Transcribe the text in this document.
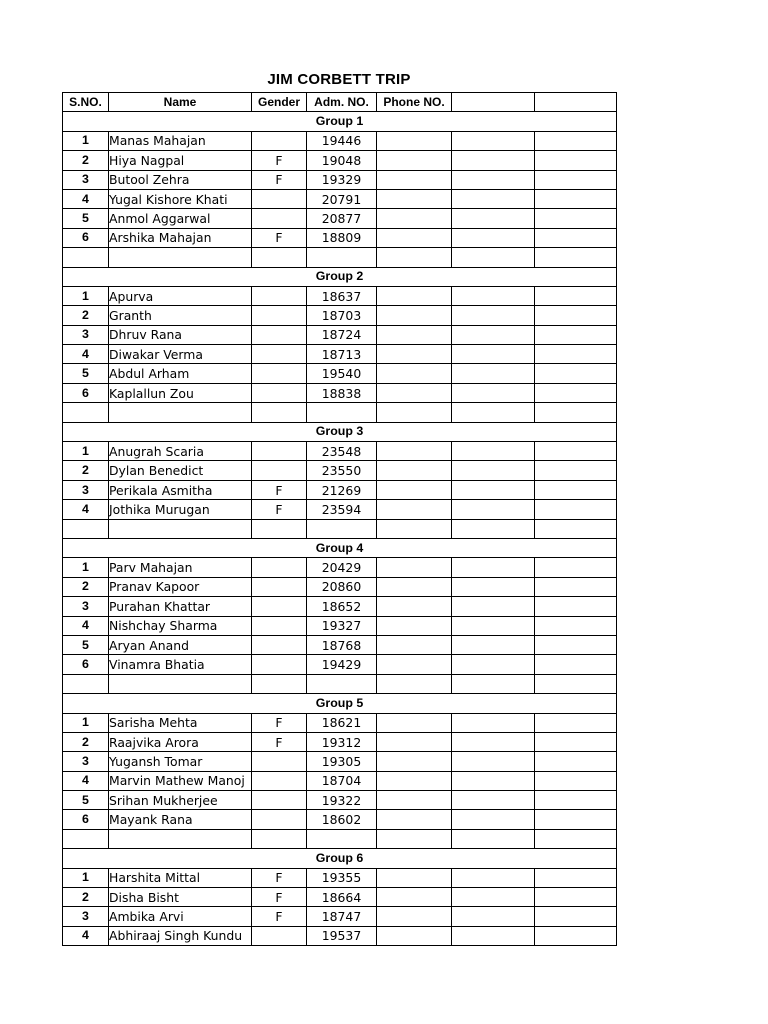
JIM CORBETT TRIP
S.NO.	Name	Gender	Adm. NO.	Phone NO.		
Group 1						
1	Manas Mahajan		19446			
2	Hiya Nagpal	F	19048			
3	Butool Zehra	F	19329			
4	Yugal Kishore Khati		20791			
5	Anmol Aggarwal		20877			
6	Arshika Mahajan	F	18809			

Group 2						
1	Apurva		18637			
2	Granth		18703			
3	Dhruv Rana		18724			
4	Diwakar Verma		18713			
5	Abdul Arham		19540			
6	Kaplallun Zou		18838			

Group 3						
1	Anugrah Scaria		23548			
2	Dylan Benedict		23550			
3	Perikala Asmitha	F	21269			
4	Jothika Murugan	F	23594			

Group 4						
1	Parv Mahajan		20429			
2	Pranav Kapoor		20860			
3	Purahan Khattar		18652			
4	Nishchay Sharma		19327			
5	Aryan Anand		18768			
6	Vinamra Bhatia		19429			

Group 5						
1	Sarisha Mehta	F	18621			
2	Raajvika Arora	F	19312			
3	Yugansh Tomar		19305			
4	Marvin Mathew Manoj		18704			
5	Srihan Mukherjee		19322			
6	Mayank Rana		18602			

Group 6						
1	Harshita Mittal	F	19355			
2	Disha Bisht	F	18664			
3	Ambika Arvi	F	18747			
4	Abhiraaj Singh Kundu		19537			
